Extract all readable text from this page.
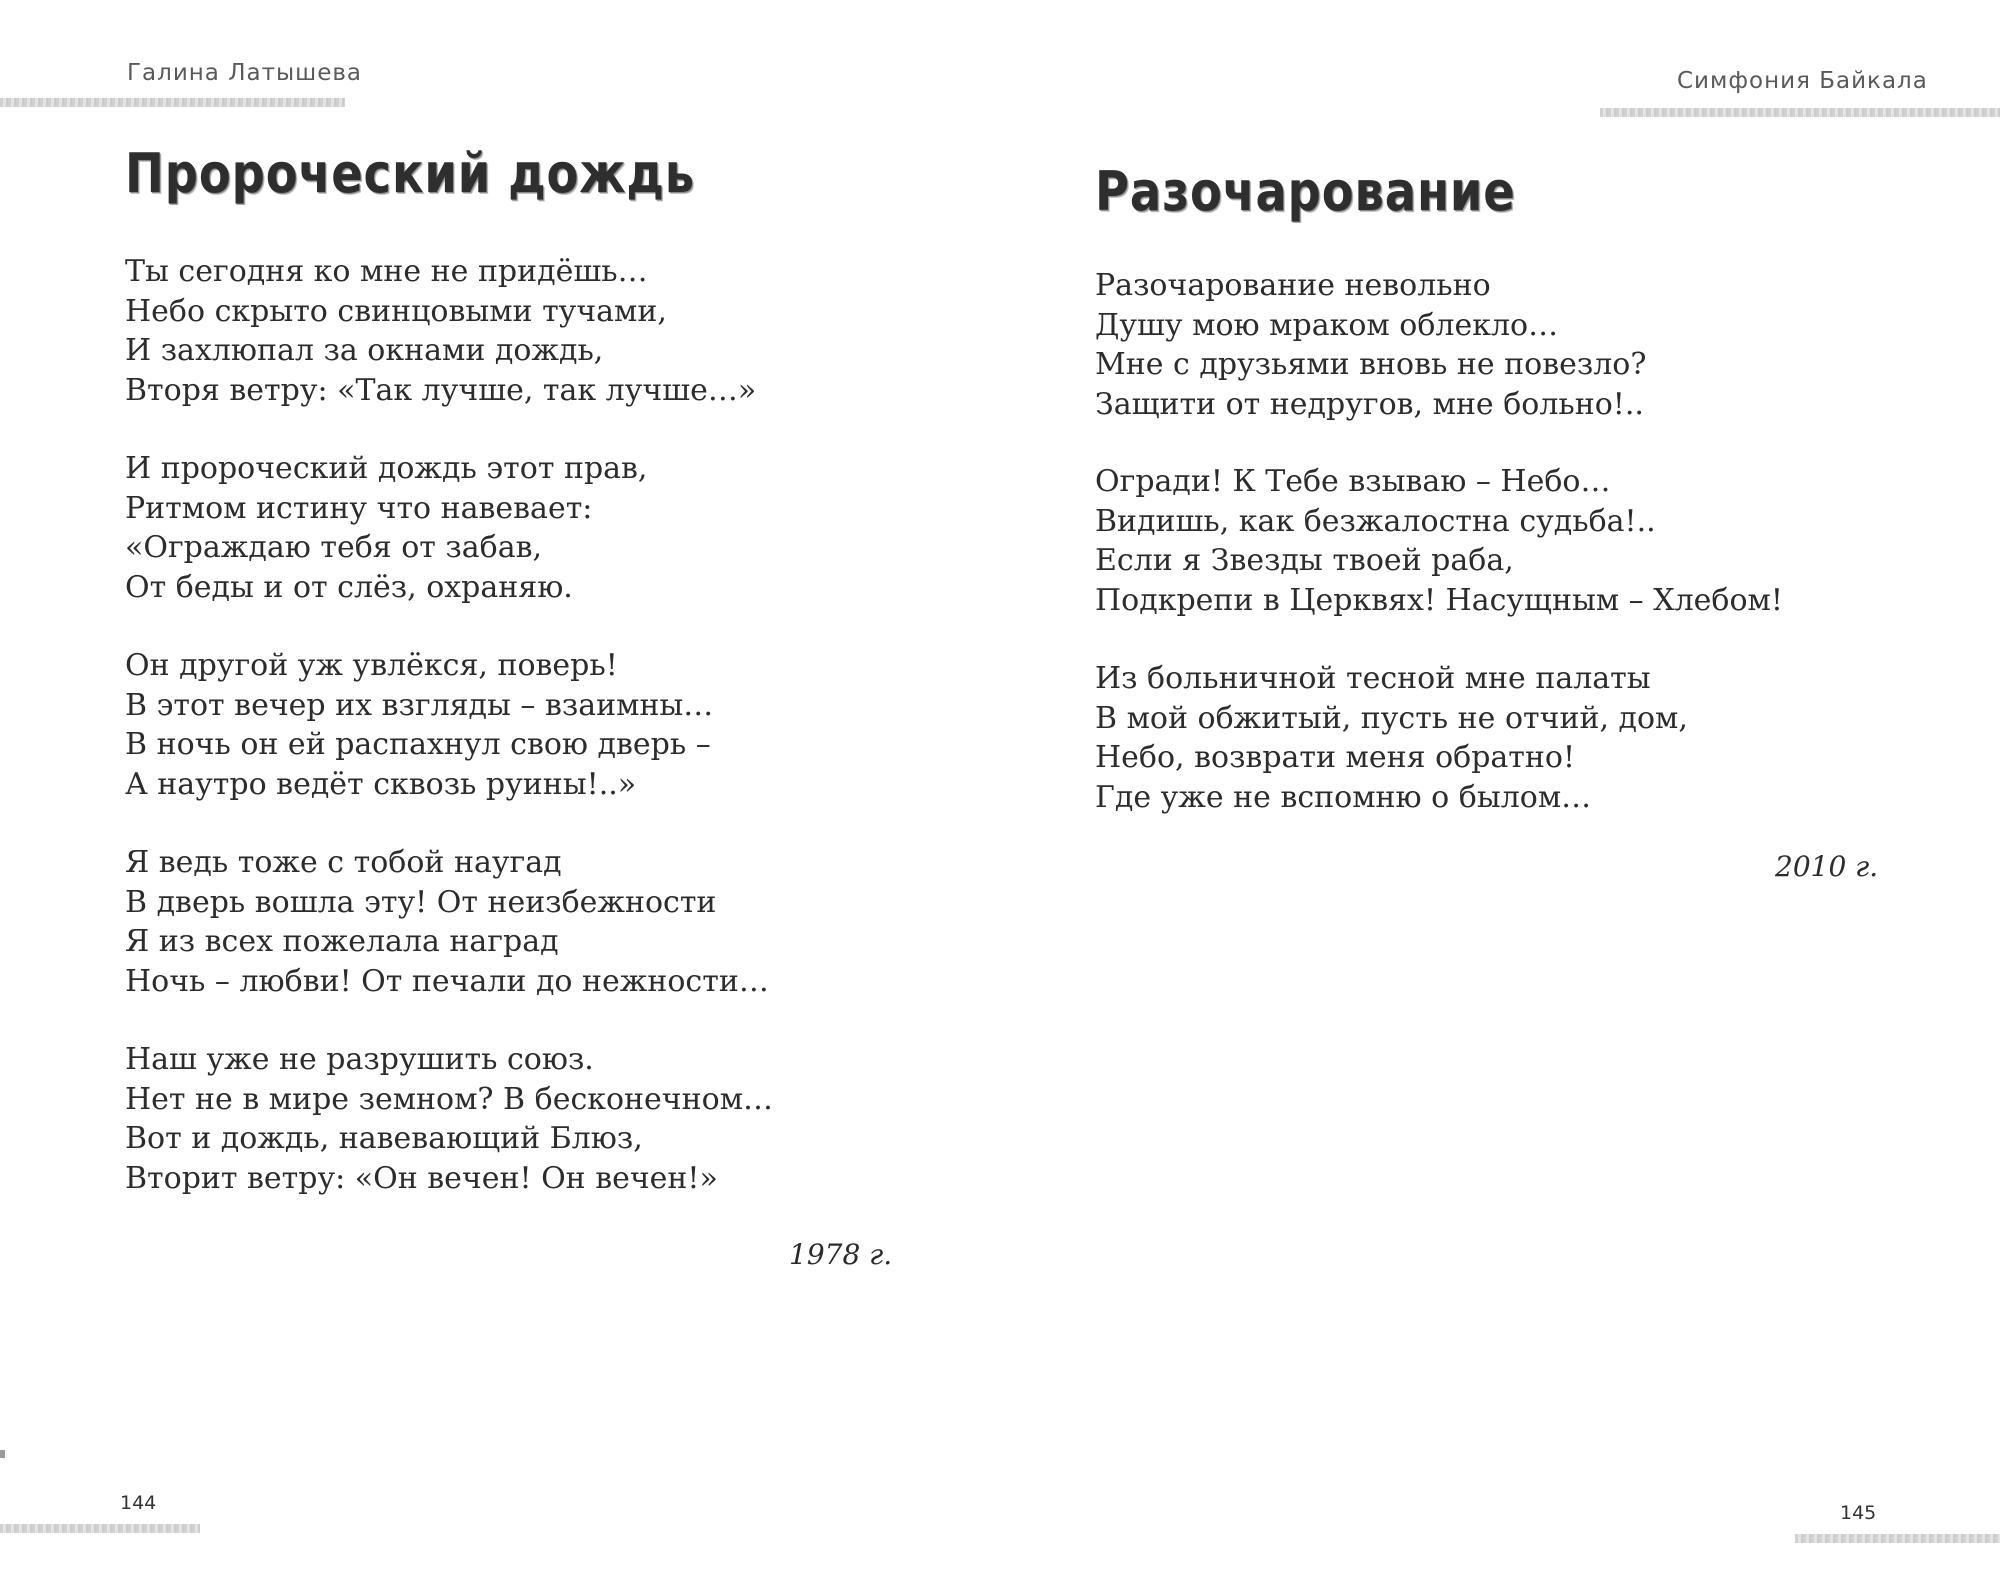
Галина Латышева
Пророческий дождь
Ты сегодня ко мне не придёшь…
Небо скрыто свинцовыми тучами,
И захлюпал за окнами дождь,
Вторя ветру: «Так лучше, так лучше…»
И пророческий дождь этот прав,
Ритмом истину что навевает:
«Ограждаю тебя от забав,
От беды и от слёз, охраняю.
Он другой уж увлёкся, поверь!
В этот вечер их взгляды – взаимны…
В ночь он ей распахнул свою дверь –
А наутро ведёт сквозь руины!..»
Я ведь тоже с тобой наугад
В дверь вошла эту! От неизбежности
Я из всех пожелала наград
Ночь – любви! От печали до нежности…
Наш уже не разрушить союз.
Нет не в мире земном? В бесконечном…
Вот и дождь, навевающий Блюз,
Вторит ветру: «Он вечен! Он вечен!»
1978 г.
144
Симфония Байкала
Разочарование
Разочарование невольно
Душу мою мраком облекло…
Мне с друзьями вновь не повезло?
Защити от недругов, мне больно!..
Огради! К Тебе взываю – Небо…
Видишь, как безжалостна судьба!..
Если я Звезды твоей раба,
Подкрепи в Церквях! Насущным – Хлебом!
Из больничной тесной мне палаты
В мой обжитый, пусть не отчий, дом,
Небо, возврати меня обратно!
Где уже не вспомню о былом…
2010 г.
145
